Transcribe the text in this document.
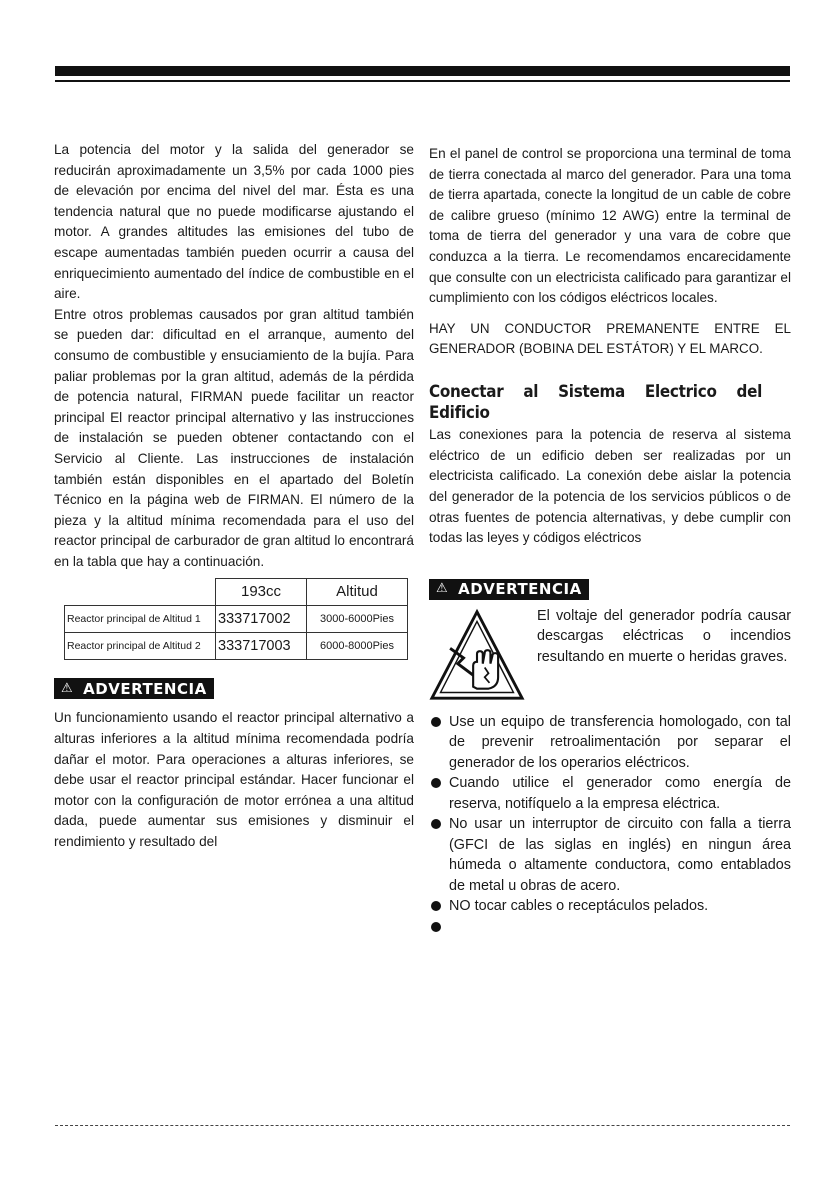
La potencia del motor y la salida del generador se reducirán aproximadamente un 3,5% por cada 1000 pies de elevación por encima del nivel del mar. Ésta es una tendencia natural que no puede modificarse ajustando el motor. A grandes altitudes las emisiones del tubo de escape aumentadas también pueden ocurrir a causa del enriquecimiento aumentado del índice de combustible en el aire.

Entre otros problemas causados por gran altitud también se pueden dar: dificultad en el arranque, aumento del consumo de combustible y ensuciamiento de la bujía. Para paliar problemas por la gran altitud, además de la pérdida de potencia natural, FIRMAN puede facilitar un reactor principal El reactor principal alternativo y las instrucciones de instalación se pueden obtener contactando con el Servicio al Cliente. Las instrucciones de instalación también están disponibles en el apartado del Boletín Técnico en la página web de FIRMAN. El número de la pieza y la altitud mínima recomendada para el uso del reactor principal de carburador de gran altitud lo encontrará en la tabla que hay a continuación.

	193cc	Altitud
Reactor principal de Altitud 1	333717002	3000-6000Pies
Reactor principal de Altitud 2	333717003	6000-8000Pies
⚠ ADVERTENCIA

Un funcionamiento usando el reactor principal alternativo a alturas inferiores a la altitud mínima recomendada podría dañar el motor. Para operaciones a alturas inferiores, se debe usar el reactor principal estándar. Hacer funcionar el motor con la configuración de motor errónea a una altitud dada, puede aumentar sus emisiones y disminuir el rendimiento y resultado del

En el panel de control se proporciona una terminal de toma de tierra conectada al marco del generador. Para una toma de tierra apartada, conecte la longitud de un cable de cobre de calibre grueso (mínimo 12 AWG) entre la terminal de toma de tierra del generador y una vara de cobre que conduzca a la tierra. Le recomendamos encarecidamente que consulte con un electricista calificado para garantizar el cumplimiento con los códigos eléctricos locales.

HAY UN CONDUCTOR PREMANENTE ENTRE EL GENERADOR (BOBINA DEL ESTÁTOR) Y EL MARCO.

Conectar al Sistema Electrico del Edificio

Las conexiones para la potencia de reserva al sistema eléctrico de un edificio deben ser realizadas por un electricista calificado. La conexión debe aislar la potencia del generador de la potencia de los servicios públicos o de otras fuentes de potencia alternativas, y debe cumplir con todas las leyes y códigos eléctricos

⚠ ADVERTENCIA
El voltaje del generador podría causar descargas eléctricas o incendios resultando en muerte o heridas graves.
Use un equipo de transferencia homologado, con tal de prevenir retroalimentación por separar el generador de los operarios eléctricos.
Cuando utilice el generador como energía de reserva, notifíquelo a la empresa eléctrica.
No usar un interruptor de circuito con falla a tierra (GFCI de las siglas en inglés) en ningun área húmeda o altamente conductora, como entablados de metal u obras de acero.
NO tocar cables o receptáculos pelados.
